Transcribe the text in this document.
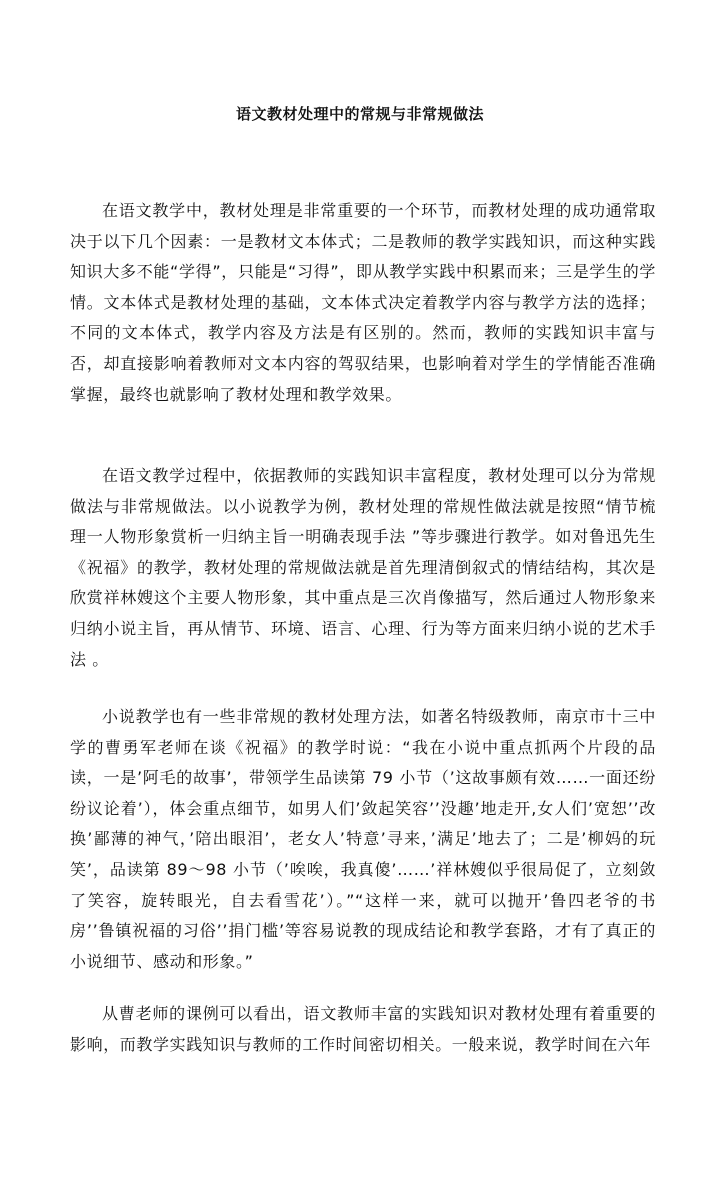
语文教材处理中的常规与非常规做法

在语文教学中，教材处理是非常重要的一个环节，而教材处理的成功通常取决于以下几个因素：一是教材文本体式；二是教师的教学实践知识，而这种实践知识大多不能“学得”，只能是“习得”，即从教学实践中积累而来；三是学生的学情。文本体式是教材处理的基础，文本体式决定着教学内容与教学方法的选择；不同的文本体式，教学内容及方法是有区别的。然而，教师的实践知识丰富与否，却直接影响着教师对文本内容的驾驭结果，也影响着对学生的学情能否准确掌握，最终也就影响了教材处理和教学效果。

在语文教学过程中，依据教师的实践知识丰富程度，教材处理可以分为常规做法与非常规做法。以小说教学为例，教材处理的常规性做法就是按照“情节梳理一人物形象赏析一归纳主旨一明确表现手法 ”等步骤进行教学。如对鲁迅先生《祝福》的教学，教材处理的常规做法就是首先理清倒叙式的情结结构，其次是欣赏祥林嫂这个主要人物形象，其中重点是三次肖像描写，然后通过人物形象来归纳小说主旨，再从情节、环境、语言、心理、行为等方面来归纳小说的艺术手法 。

小说教学也有一些非常规的教材处理方法，如著名特级教师，南京市十三中学的曹勇军老师在谈《祝福》的教学时说：“我在小说中重点抓两个片段的品读，一是’阿毛的故事’，带领学生品读第 79 小节（’这故事颇有效……一面还纷纷议论着’），体会重点细节，如男人们’敛起笑容’’没趣’地走开,女人们’宽恕’’改换’鄙薄的神气，’陪出眼泪’，老女人’特意’寻来，’满足’地去了；二是’柳妈的玩笑’，品读第 89～98 小节（’唉唉，我真傻’……’祥林嫂似乎很局促了，立刻敛了笑容，旋转眼光，自去看雪花’）。”“这样一来，就可以抛开’鲁四老爷的书房’’鲁镇祝福的习俗’’捐门槛’等容易说教的现成结论和教学套路，才有了真正的小说细节、感动和形象。”

从曹老师的课例可以看出，语文教师丰富的实践知识对教材处理有着重要的影响，而教学实践知识与教师的工作时间密切相关。一般来说，教学时间在六年
